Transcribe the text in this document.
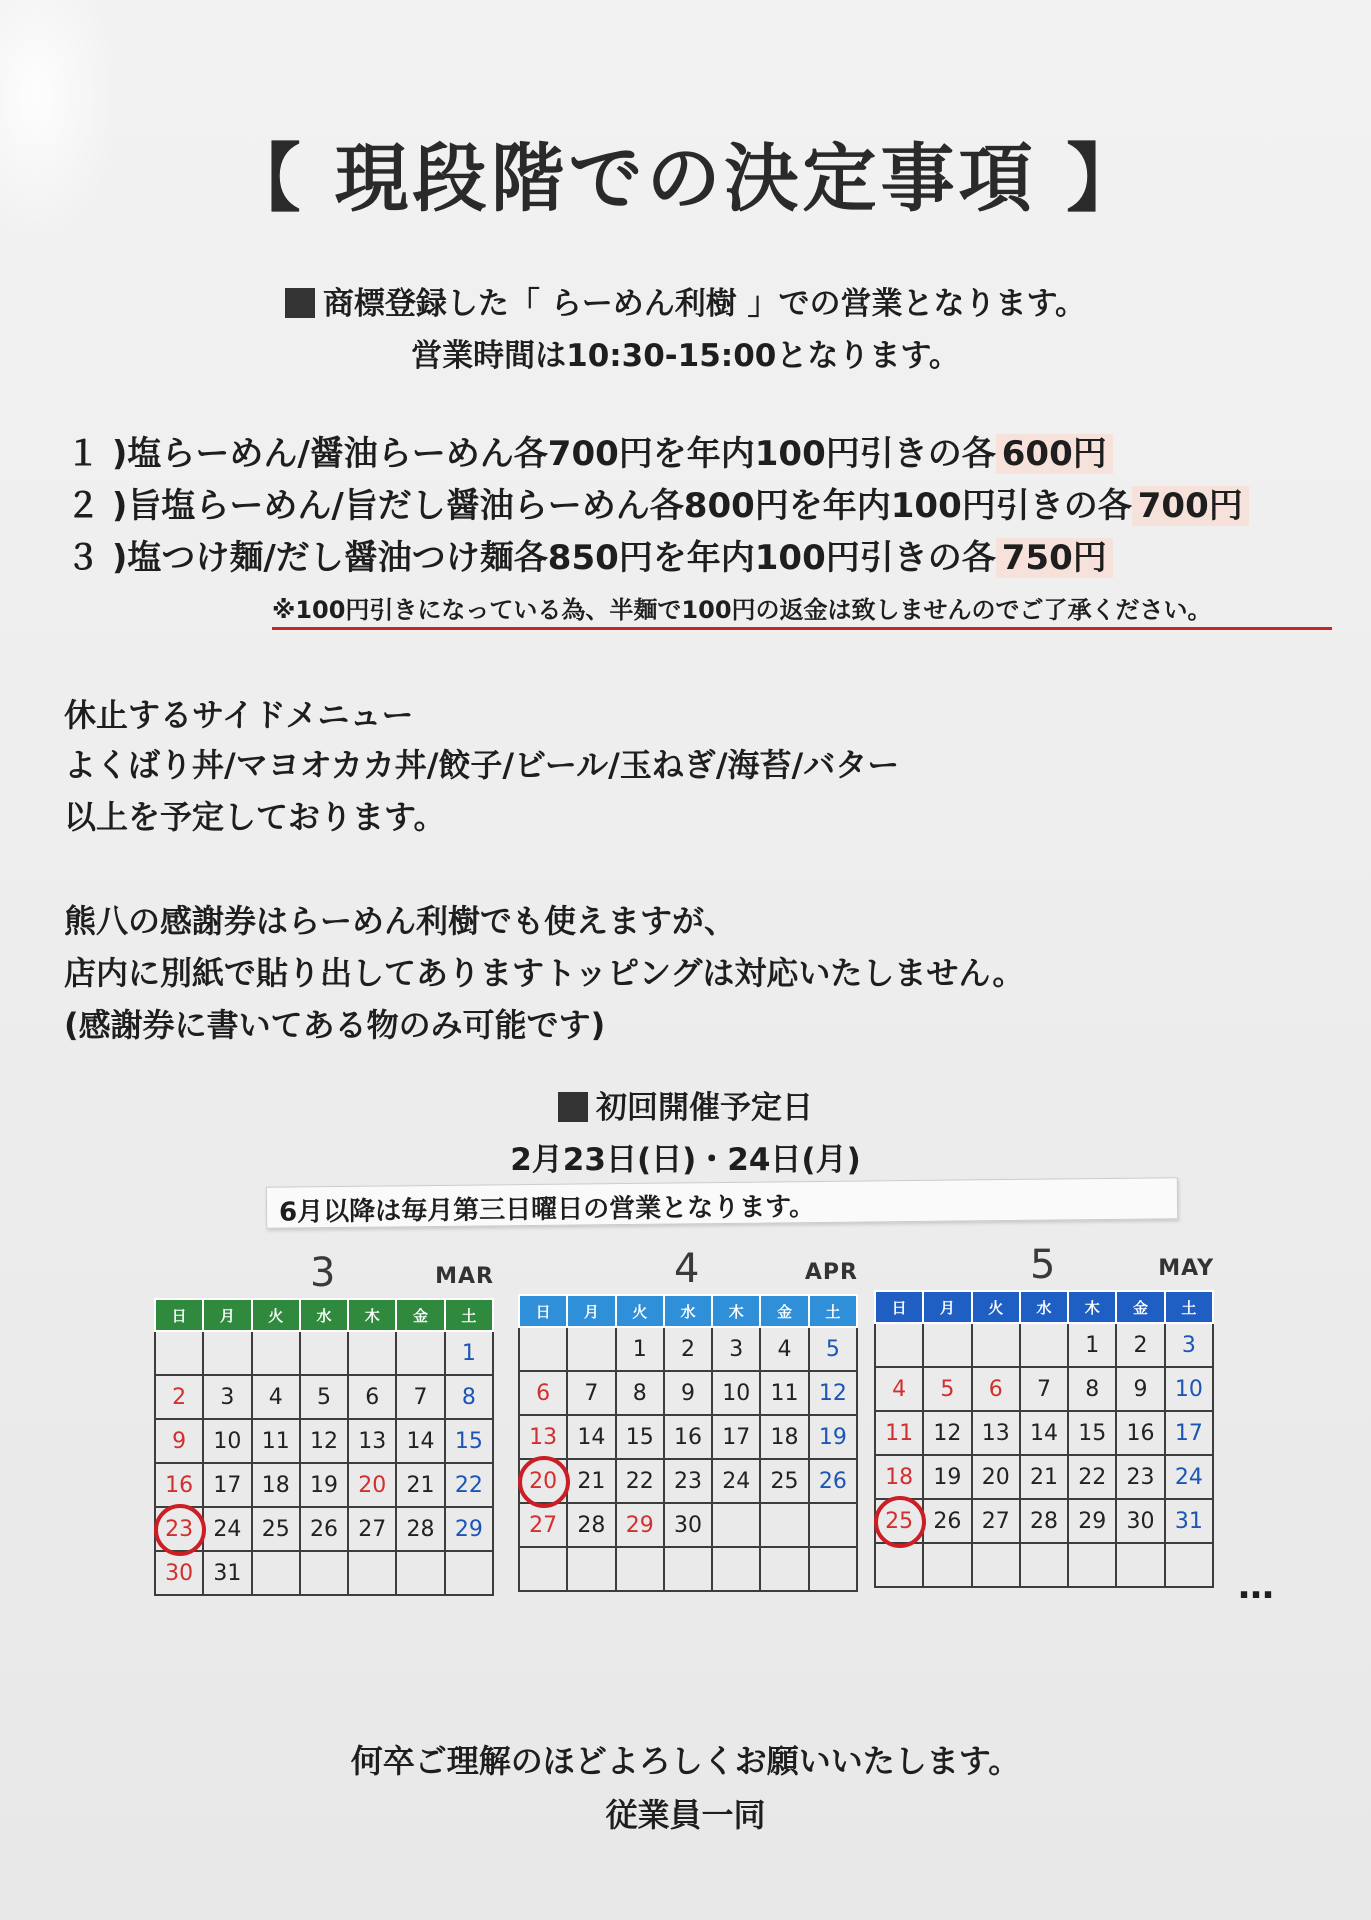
【 現段階での決定事項 】
商標登録した「 らーめん利樹 」での営業となります。
営業時間は10:30-15:00となります。
１ )塩らーめん/醤油らーめん各700円を年内100円引きの各 600円
２ )旨塩らーめん/旨だし醤油らーめん各800円を年内100円引きの各 700円
３ )塩つけ麺/だし醤油つけ麺各850円を年内100円引きの各 750円
※100円引きになっている為、半麺で100円の返金は致しませんのでご了承ください。
休止するサイドメニュー
よくばり丼/マヨオカカ丼/餃子/ビール/玉ねぎ/海苔/バター
以上を予定しております。
熊八の感謝券はらーめん利樹でも使えますが、
店内に別紙で貼り出してありますトッピングは対応いたしません。
(感謝券に書いてある物のみ可能です)
初回開催予定日
2月23日(日)・24日(月)
6月以降は毎月第三日曜日の営業となります。
3	MAR
日	月	火	水	木	金	土
						1
2	3	4	5	6	7	8
9	10	11	12	13	14	15
16	17	18	19	20	21	22
23	24	25	26	27	28	29
30	31					
4	APR
日	月	火	水	木	金	土
		1	2	3	4	5
6	7	8	9	10	11	12
13	14	15	16	17	18	19
20	21	22	23	24	25	26
27	28	29	30			

5	MAY
日	月	火	水	木	金	土
				1	2	3
4	5	6	7	8	9	10
11	12	13	14	15	16	17
18	19	20	21	22	23	24
25	26	27	28	29	30	31

…
何卒ご理解のほどよろしくお願いいたします。
従業員一同
